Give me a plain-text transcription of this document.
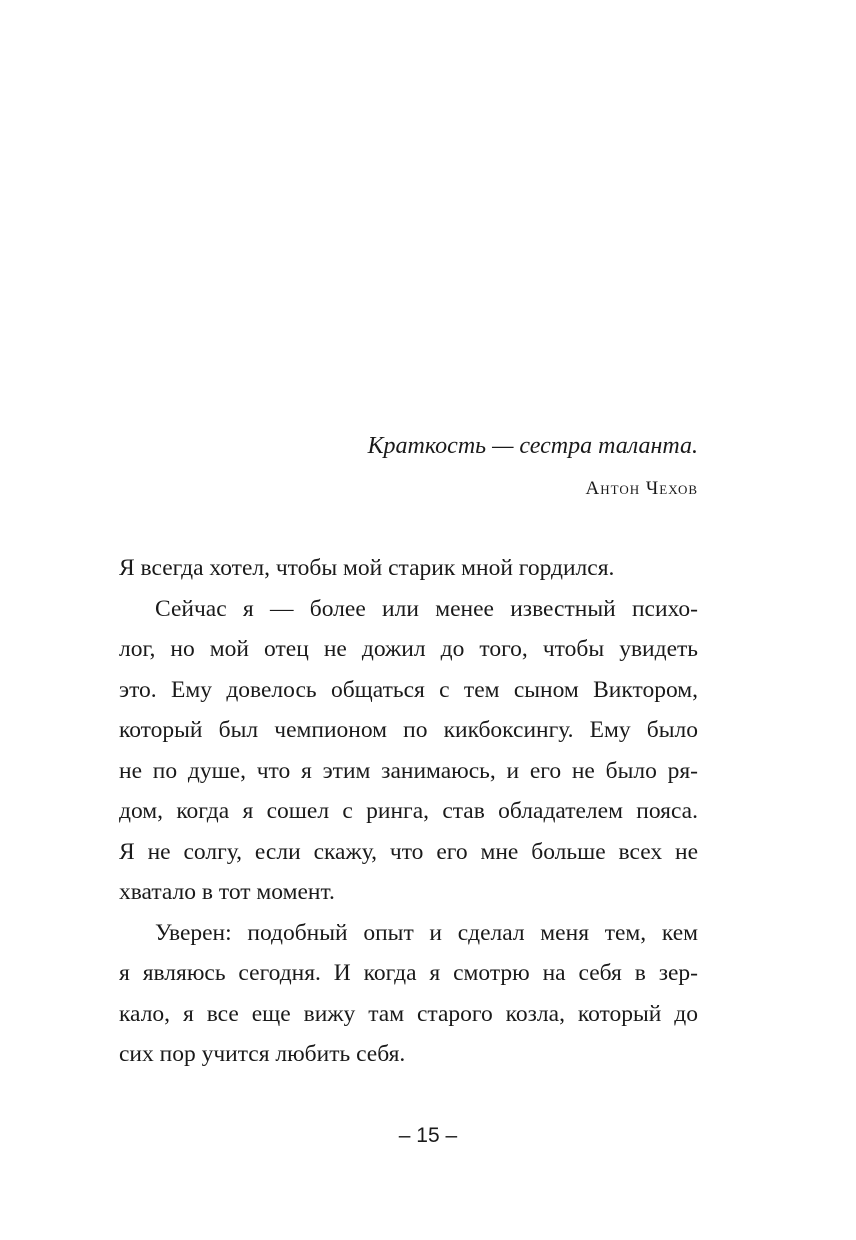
Краткость — сестра таланта.

Антон Чехов
Я всегда хотел, чтобы мой старик мной гордился.
Сейчас я — более или менее известный психо-
лог, но мой отец не дожил до того, чтобы увидеть
это. Ему довелось общаться с тем сыном Виктором,
который был чемпионом по кикбоксингу. Ему было
не по душе, что я этим занимаюсь, и его не было ря-
дом, когда я сошел с ринга, став обладателем пояса.
Я не солгу, если скажу, что его мне больше всех не
хватало в тот момент.
Уверен: подобный опыт и сделал меня тем, кем
я являюсь сегодня. И когда я смотрю на себя в зер-
кало, я все еще вижу там старого козла, который до
сих пор учится любить себя.
– 15 –
